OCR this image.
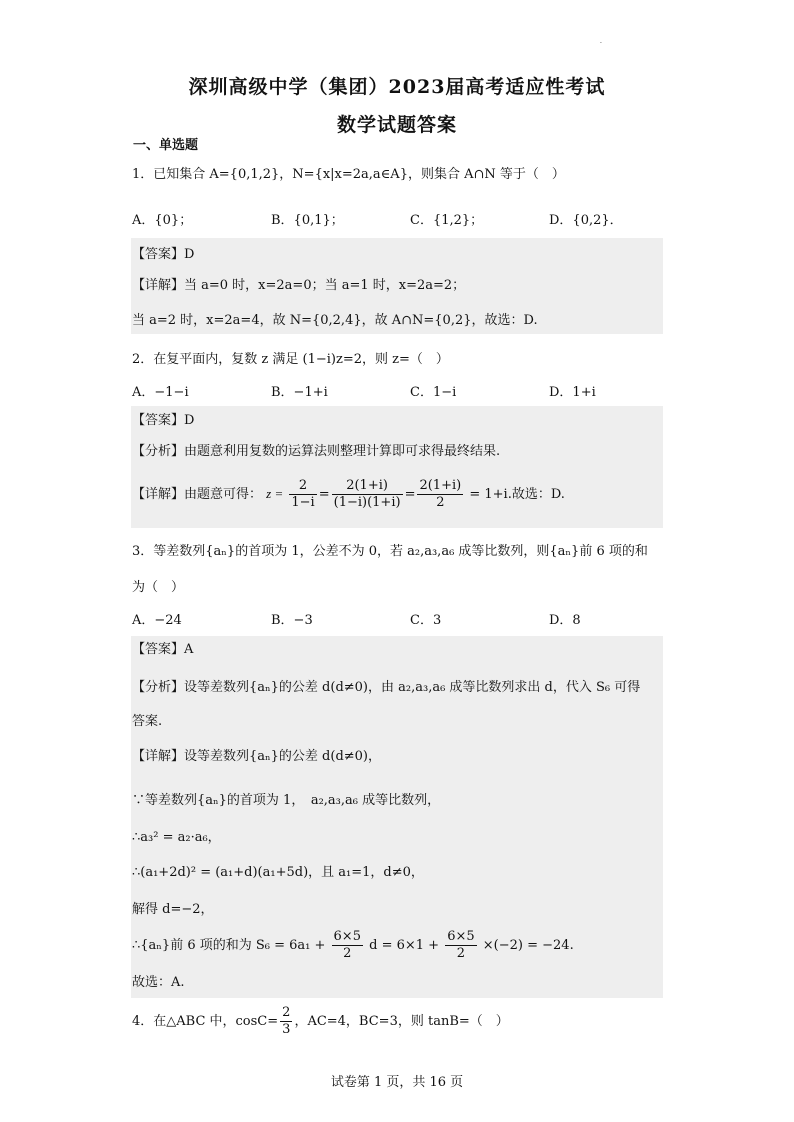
·
深圳高级中学（集团）2023届高考适应性考试
数学试题答案
一、单选题
1．已知集合 A={0,1,2}，N={x|x=2a,a∈A}，则集合 A∩N 等于（　）
A．{0}；	B．{0,1}；	C．{1,2}；	D．{0,2}．
【答案】D
【详解】当 a=0 时，x=2a=0；当 a=1 时，x=2a=2；
当 a=2 时，x=2a=4，故 N={0,2,4}，故 A∩N={0,2}，故选：D.
2．在复平面内，复数 z 满足 (1−i)z=2，则 z=（　）
A．−1−i	B．−1+i	C．1−i	D．1+i
【答案】D
【分析】由题意利用复数的运算法则整理计算即可求得最终结果.
【详解】由题意可得： $z = \frac{2}{1-i} = \frac{2(1+i)}{(1-i)(1+i)} = \frac{2(1+i)}{2} = 1+i$.故选：D.
3．等差数列{aₙ}的首项为 1，公差不为 0，若 a₂,a₃,a₆ 成等比数列，则{aₙ}前 6 项的和
为（　）
A．−24	B．−3	C．3	D．8
【答案】A
【分析】设等差数列{aₙ}的公差 d(d≠0)，由 a₂,a₃,a₆ 成等比数列求出 d，代入 S₆ 可得
答案.
【详解】设等差数列{aₙ}的公差 d(d≠0)，
∵等差数列{aₙ}的首项为 1，　a₂,a₃,a₆ 成等比数列，
∴a₃² = a₂·a₆，
∴(a₁+2d)² = (a₁+d)(a₁+5d)，且 a₁=1，d≠0，
解得 d=−2，
∴{aₙ}前 6 项的和为 $S_6 = 6a_1 + \frac{6\times 5}{2}$ $d = 6\times 1 + \frac{6\times 5}{2} \times(-2) = -24$.
故选：A.
4．在△ABC 中，$\cos C= \frac{2}{3}$ ，AC=4，BC=3，则 tanB=（　）
试卷第 1 页，共 16 页
